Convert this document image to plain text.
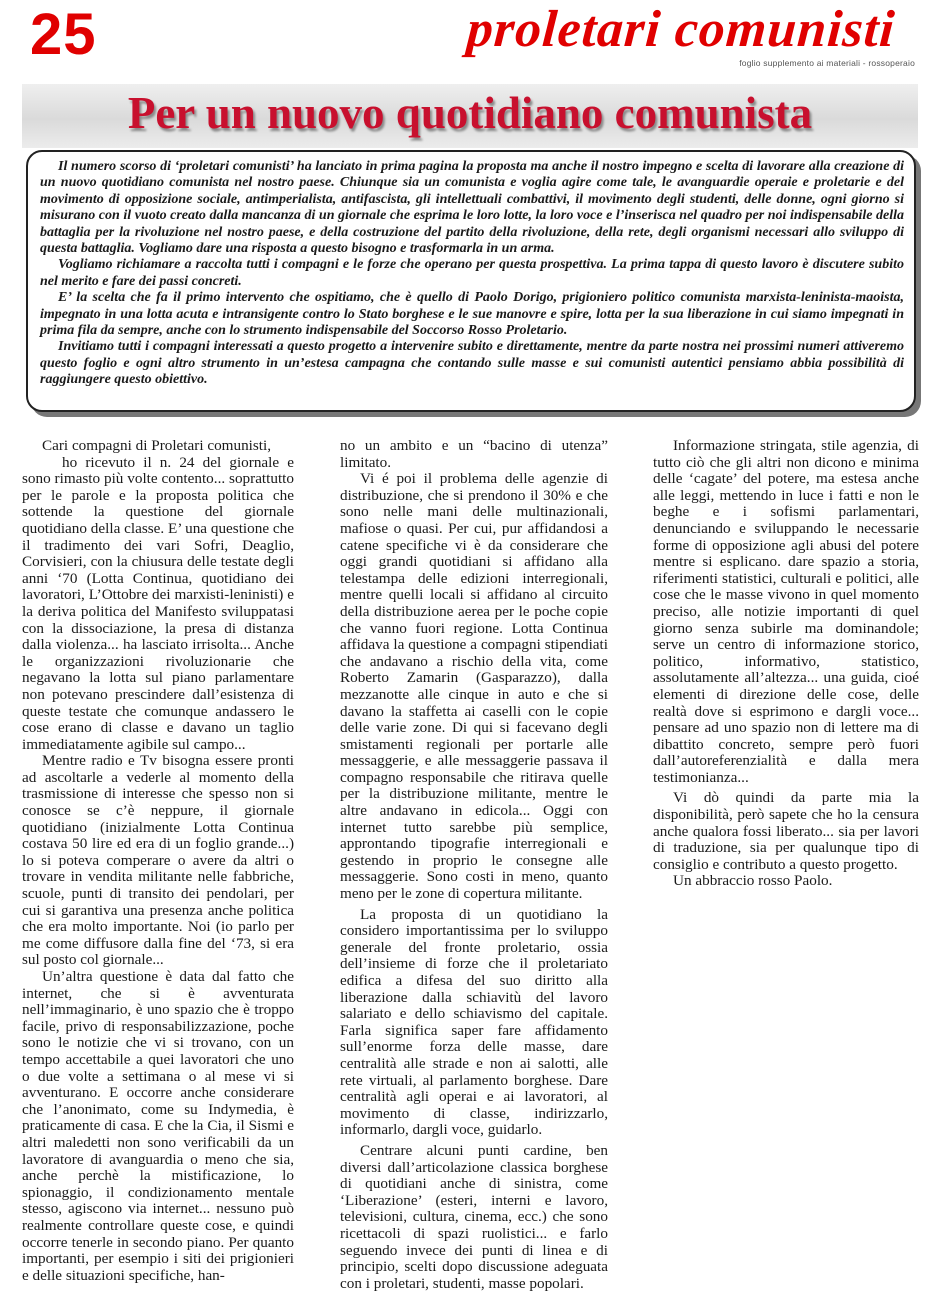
25	proletari comunisti
foglio supplemento ai materiali - rossoperaio
Per un nuovo quotidiano comunista

Il numero scorso di ‘proletari comunisti’ ha lanciato in prima pagina la proposta ma anche il nostro impegno e scelta di lavorare alla creazione di un nuovo quotidiano comunista nel nostro paese. Chiunque sia un comunista e voglia agire come tale, le avanguardie operaie e proletarie e del movimento di opposizione sociale, antimperialista, antifascista, gli intellettuali combattivi, il movimento degli studenti, delle donne, ogni giorno si misurano con il vuoto creato dalla mancanza di un giornale che esprima le loro lotte, la loro voce e l’inserisca nel quadro per noi indispensabile della battaglia per la rivoluzione nel nostro paese, e della costruzione del partito della rivoluzione, della rete, degli organismi necessari allo sviluppo di questa battaglia. Vogliamo dare una risposta a questo bisogno e trasformarla in un arma.

Vogliamo richiamare a raccolta tutti i compagni e le forze che operano per questa prospettiva. La prima tappa di questo lavoro è discutere subito nel merito e fare dei passi concreti.

E’ la scelta che fa il primo intervento che ospitiamo, che è quello di Paolo Dorigo, prigioniero politico comunista marxista-leninista-maoista, impegnato in una lotta acuta e intransigente contro lo Stato borghese e le sue manovre e spire, lotta per la sua liberazione in cui siamo impegnati in prima fila da sempre, anche con lo strumento indispensabile del Soccorso Rosso Proletario.

Invitiamo tutti i compagni interessati a questo progetto a intervenire subito e direttamente, mentre da parte nostra nei prossimi numeri attiveremo questo foglio e ogni altro strumento in un’estesa campagna che contando sulle masse e sui comunisti autentici pensiamo abbia possibilità di raggiungere questo obiettivo.

Cari compagni di Proletari comunisti,

ho ricevuto il n. 24 del giornale e sono rimasto più volte contento... soprattutto per le parole e la proposta politica che sottende la questione del giornale quotidiano della classe. E’ una questione che il tradimento dei vari Sofri, Deaglio, Corvisieri, con la chiusura delle testate degli anni ‘70 (Lotta Continua, quotidiano dei lavoratori, L’Ottobre dei marxisti-leninisti) e la deriva politica del Manifesto sviluppatasi con la dissociazione, la presa di distanza dalla violenza... ha lasciato irrisolta... Anche le organizzazioni rivoluzionarie che negavano la lotta sul piano parlamentare non potevano prescindere dall’esistenza di queste testate che comunque andassero le cose erano di classe e davano un taglio immediatamente agibile sul campo...

Mentre radio e Tv bisogna essere pronti ad ascoltarle a vederle al momento della trasmissione di interesse che spesso non si conosce se c’è neppure, il giornale quotidiano (inizialmente Lotta Continua costava 50 lire ed era di un foglio grande...) lo si poteva comperare o avere da altri o trovare in vendita militante nelle fabbriche, scuole, punti di transito dei pendolari, per cui si garantiva una presenza anche politica che era molto importante. Noi (io parlo per me come diffusore dalla fine del ‘73, si era sul posto col giornale...

Un’altra questione è data dal fatto che internet, che si è avventurata nell’immaginario, è uno spazio che è troppo facile, privo di responsabilizzazione, poche sono le notizie che vi si trovano, con un tempo accettabile a quei lavoratori che uno o due volte a settimana o al mese vi si avventurano. E occorre anche considerare che l’anonimato, come su Indymedia, è praticamente di casa. E che la Cia, il Sismi e altri maledetti non sono verificabili da un lavoratore di avanguardia o meno che sia, anche perchè la mistificazione, lo spionaggio, il condizionamento mentale stesso, agiscono via internet... nessuno può realmente controllare queste cose, e quindi occorre tenerle in secondo piano. Per quanto importanti, per esempio i siti dei prigionieri e delle situazioni specifiche, han-

no un ambito e un “bacino di utenza” limitato.

Vi é poi il problema delle agenzie di distribuzione, che si prendono il 30% e che sono nelle mani delle multinazionali, mafiose o quasi. Per cui, pur affidandosi a catene specifiche vi è da considerare che oggi grandi quotidiani si affidano alla telestampa delle edizioni interregionali, mentre quelli locali si affidano al circuito della distribuzione aerea per le poche copie che vanno fuori regione. Lotta Continua affidava la questione a compagni stipendiati che andavano a rischio della vita, come Roberto Zamarin (Gasparazzo), dalla mezzanotte alle cinque in auto e che si davano la staffetta ai caselli con le copie delle varie zone. Di qui si facevano degli smistamenti regionali per portarle alle messaggerie, e alle messaggerie passava il compagno responsabile che ritirava quelle per la distribuzione militante, mentre le altre andavano in edicola... Oggi con internet tutto sarebbe più semplice, approntando tipografie interregionali e gestendo in proprio le consegne alle messaggerie. Sono costi in meno, quanto meno per le zone di copertura militante.

La proposta di un quotidiano la considero importantissima per lo sviluppo generale del fronte proletario, ossia dell’insieme di forze che il proletariato edifica a difesa del suo diritto alla liberazione dalla schiavitù del lavoro salariato e dello schiavismo del capitale. Farla significa saper fare affidamento sull’enorme forza delle masse, dare centralità alle strade e non ai salotti, alle rete virtuali, al parlamento borghese. Dare centralità agli operai e ai lavoratori, al movimento di classe, indirizzarlo, informarlo, dargli voce, guidarlo.

Centrare alcuni punti cardine, ben diversi dall’articolazione classica borghese di quotidiani anche di sinistra, come ‘Liberazione’ (esteri, interni e lavoro, televisioni, cultura, cinema, ecc.) che sono ricettacoli di spazi ruolistici... e farlo seguendo invece dei punti di linea e di principio, scelti dopo discussione adeguata con i proletari, studenti, masse popolari.

Informazione stringata, stile agenzia, di tutto ciò che gli altri non dicono e minima delle ‘cagate’ del potere, ma estesa anche alle leggi, mettendo in luce i fatti e non le beghe e i sofismi parlamentari, denunciando e sviluppando le necessarie forme di opposizione agli abusi del potere mentre si esplicano. dare spazio a storia, riferimenti statistici, culturali e politici, alle cose che le masse vivono in quel momento preciso, alle notizie importanti di quel giorno senza subirle ma dominandole; serve un centro di informazione storico, politico, informativo, statistico, assolutamente all’altezza... una guida, cioé elementi di direzione delle cose, delle realtà dove si esprimono e dargli voce... pensare ad uno spazio non di lettere ma di dibattito concreto, sempre però fuori dall’autoreferenzialità e dalla mera testimonianza...

Vi dò quindi da parte mia la disponibilità, però sapete che ho la censura anche qualora fossi liberato... sia per lavori di traduzione, sia per qualunque tipo di consiglio e contributo a questo progetto.

Un abbraccio rosso Paolo.
